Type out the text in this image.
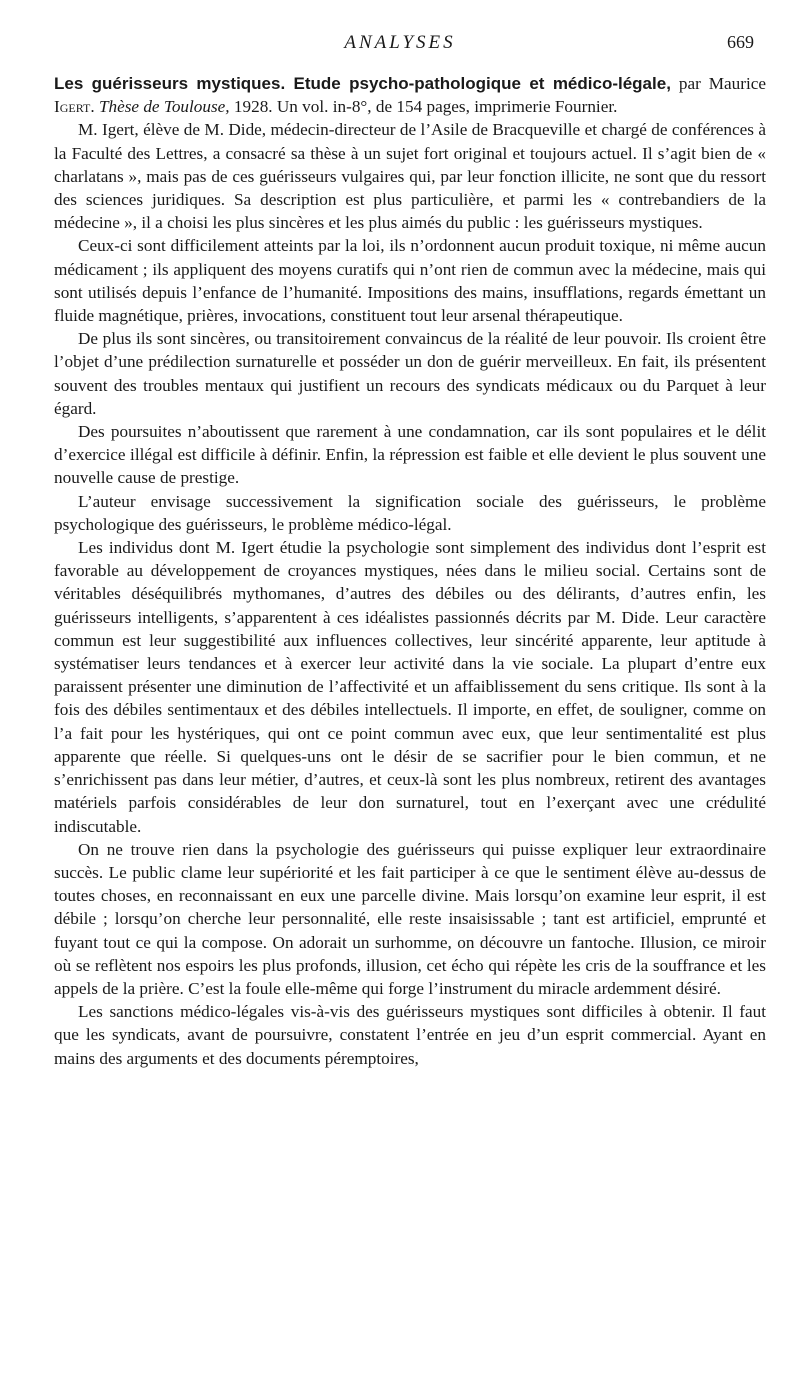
ANALYSES	669

Les guérisseurs mystiques. Etude psycho-pathologique et médico-légale, par Maurice Igert. Thèse de Toulouse, 1928. Un vol. in-8°, de 154 pages, imprimerie Fournier.

M. Igert, élève de M. Dide, médecin-directeur de l’Asile de Bracqueville et chargé de conférences à la Faculté des Lettres, a consacré sa thèse à un sujet fort original et toujours actuel. Il s’agit bien de « charlatans », mais pas de ces guérisseurs vulgaires qui, par leur fonction illicite, ne sont que du ressort des sciences juridiques. Sa description est plus particulière, et parmi les « contrebandiers de la médecine », il a choisi les plus sincères et les plus aimés du public : les guérisseurs mystiques.

Ceux-ci sont difficilement atteints par la loi, ils n’ordonnent aucun produit toxique, ni même aucun médicament ; ils appliquent des moyens curatifs qui n’ont rien de commun avec la médecine, mais qui sont utilisés depuis l’enfance de l’humanité. Impositions des mains, insufflations, regards émettant un fluide magnétique, prières, invocations, constituent tout leur arsenal thérapeutique.

De plus ils sont sincères, ou transitoirement convaincus de la réalité de leur pouvoir. Ils croient être l’objet d’une prédilection surnaturelle et posséder un don de guérir merveilleux. En fait, ils présentent souvent des troubles mentaux qui justifient un recours des syndicats médicaux ou du Parquet à leur égard.

Des poursuites n’aboutissent que rarement à une condamnation, car ils sont populaires et le délit d’exercice illégal est difficile à définir. Enfin, la répression est faible et elle devient le plus souvent une nouvelle cause de prestige.

L’auteur envisage successivement la signification sociale des guérisseurs, le problème psychologique des guérisseurs, le problème médico-légal.

Les individus dont M. Igert étudie la psychologie sont simplement des individus dont l’esprit est favorable au développement de croyances mystiques, nées dans le milieu social. Certains sont de véritables déséquilibrés mythomanes, d’autres des débiles ou des délirants, d’autres enfin, les guérisseurs intelligents, s’apparentent à ces idéalistes passionnés décrits par M. Dide. Leur caractère commun est leur suggestibilité aux influences collectives, leur sincérité apparente, leur aptitude à systématiser leurs tendances et à exercer leur activité dans la vie sociale. La plupart d’entre eux paraissent présenter une diminution de l’affectivité et un affaiblissement du sens critique. Ils sont à la fois des débiles sentimentaux et des débiles intellectuels. Il importe, en effet, de souligner, comme on l’a fait pour les hystériques, qui ont ce point commun avec eux, que leur sentimentalité est plus apparente que réelle. Si quelques-uns ont le désir de se sacrifier pour le bien commun, et ne s’enrichissent pas dans leur métier, d’autres, et ceux-là sont les plus nombreux, retirent des avantages matériels parfois considérables de leur don surnaturel, tout en l’exerçant avec une crédulité indiscutable.

On ne trouve rien dans la psychologie des guérisseurs qui puisse expliquer leur extraordinaire succès. Le public clame leur supériorité et les fait participer à ce que le sentiment élève au-dessus de toutes choses, en reconnaissant en eux une parcelle divine. Mais lorsqu’on examine leur esprit, il est débile ; lorsqu’on cherche leur personnalité, elle reste insaisissable ; tant est artificiel, emprunté et fuyant tout ce qui la compose. On adorait un surhomme, on découvre un fantoche. Illusion, ce miroir où se reflètent nos espoirs les plus profonds, illusion, cet écho qui répète les cris de la souffrance et les appels de la prière. C’est la foule elle-même qui forge l’instrument du miracle ardemment désiré.

Les sanctions médico-légales vis-à-vis des guérisseurs mystiques sont difficiles à obtenir. Il faut que les syndicats, avant de poursuivre, constatent l’entrée en jeu d’un esprit commercial. Ayant en mains des arguments et des documents péremptoires,
